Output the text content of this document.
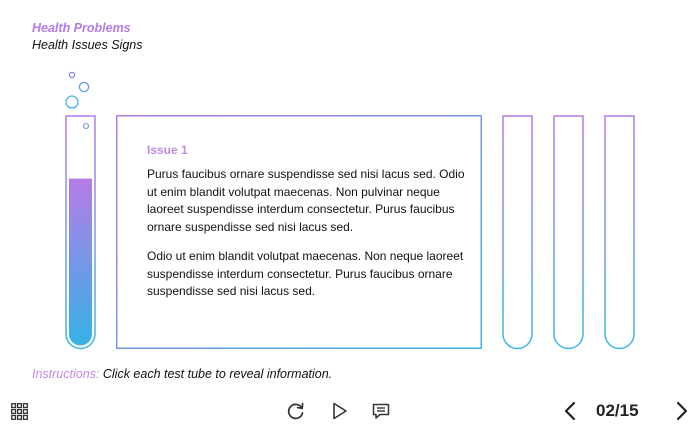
Health Problems
Health Issues Signs
Issue 1

Purus faucibus ornare suspendisse sed nisi lacus sed. Odio ut enim blandit volutpat maecenas. Non pulvinar neque laoreet suspendisse interdum consectetur. Purus faucibus ornare suspendisse sed nisi lacus sed.

Odio ut enim blandit volutpat maecenas. Non neque laoreet suspendisse interdum consectetur. Purus faucibus ornare suspendisse sed nisi lacus sed.

Instructions: Click each test tube to reveal information.
02/15
